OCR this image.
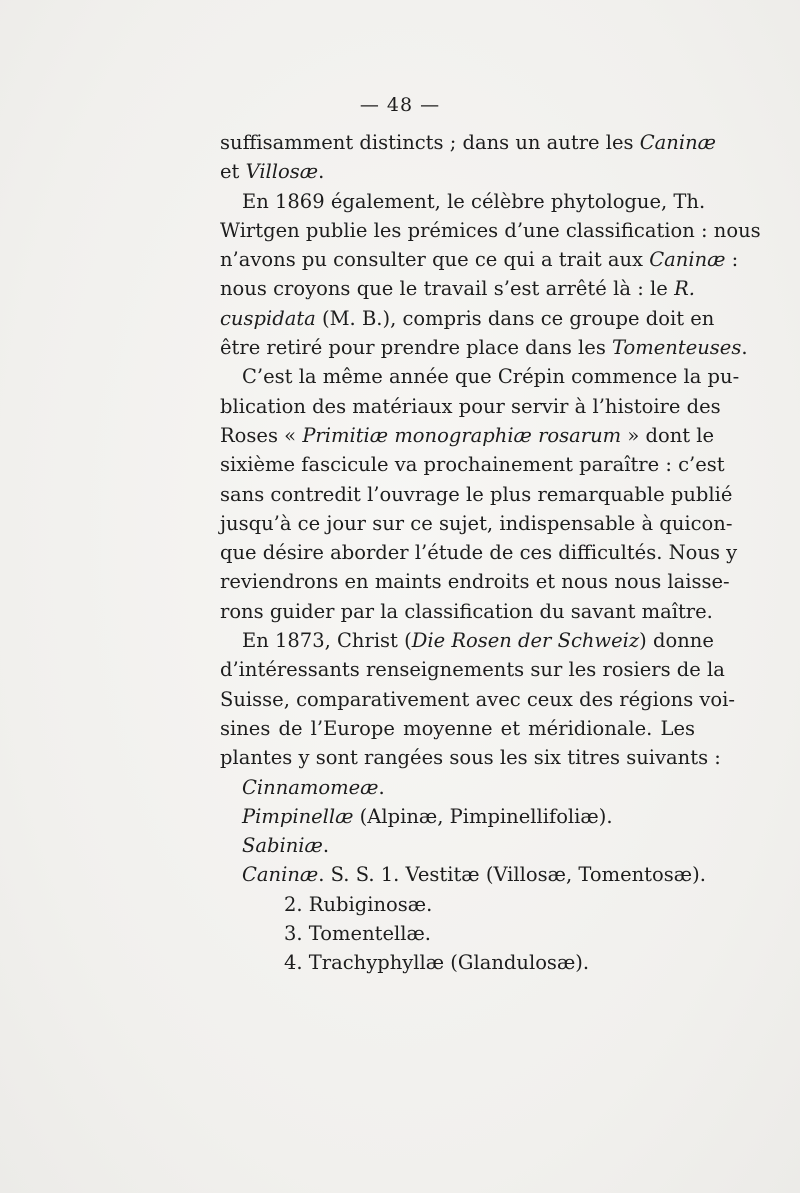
— 48 —
suffisamment distincts ; dans un autre les Caninæ
et Villosæ.
En 1869 également, le célèbre phytologue, Th.
Wirtgen publie les prémices d’une classification : nous
n’avons pu consulter que ce qui a trait aux Caninæ :
nous croyons que le travail s’est arrêté là : le R.
cuspidata (M. B.), compris dans ce groupe doit en
être retiré pour prendre place dans les Tomenteuses.
C’est la même année que Crépin commence la pu-
blication des matériaux pour servir à l’histoire des
Roses « Primitiæ monographiæ rosarum » dont le
sixième fascicule va prochainement paraître : c’est
sans contredit l’ouvrage le plus remarquable publié
jusqu’à ce jour sur ce sujet, indispensable à quicon-
que désire aborder l’étude de ces difficultés. Nous y
reviendrons en maints endroits et nous nous laisse-
rons guider par la classification du savant maître.
En 1873, Christ (Die Rosen der Schweiz) donne
d’intéressants renseignements sur les rosiers de la
Suisse, comparativement avec ceux des régions voi-
sines de l’Europe moyenne et méridionale. Les
plantes y sont rangées sous les six titres suivants :
Cinnamomeæ.
Pimpinellæ (Alpinæ, Pimpinellifoliæ).
Sabiniæ.
Caninæ. S. S. 1. Vestitæ (Villosæ, Tomentosæ).
2. Rubiginosæ.
3. Tomentellæ.
4. Trachyphyllæ (Glandulosæ).
